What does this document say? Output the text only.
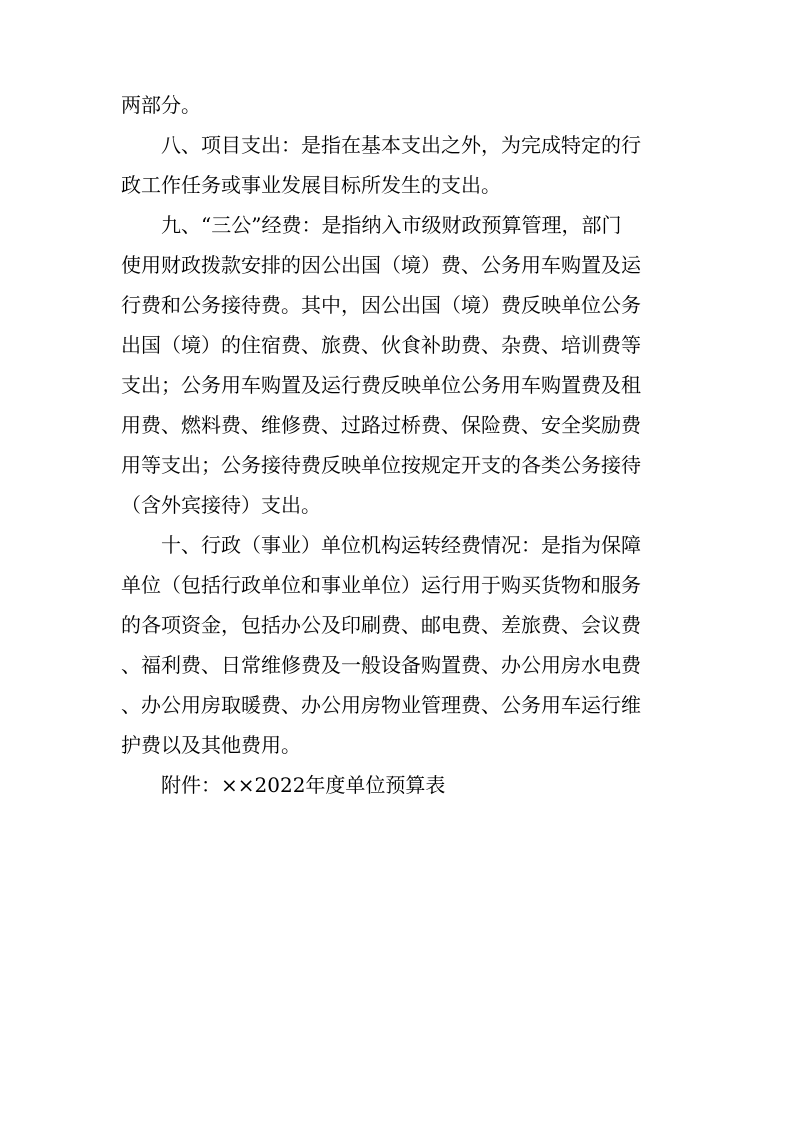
两部分。
八、项目支出：是指在基本支出之外，为完成特定的行
政工作任务或事业发展目标所发生的支出。
九、“三公”经费：是指纳入市级财政预算管理，部门
使用财政拨款安排的因公出国（境）费、公务用车购置及运
行费和公务接待费。其中，因公出国（境）费反映单位公务
出国（境）的住宿费、旅费、伙食补助费、杂费、培训费等
支出；公务用车购置及运行费反映单位公务用车购置费及租
用费、燃料费、维修费、过路过桥费、保险费、安全奖励费
用等支出；公务接待费反映单位按规定开支的各类公务接待
（含外宾接待）支出。
十、行政（事业）单位机构运转经费情况：是指为保障
单位（包括行政单位和事业单位）运行用于购买货物和服务
的各项资金，包括办公及印刷费、邮电费、差旅费、会议费
、福利费、日常维修费及一般设备购置费、办公用房水电费
、办公用房取暖费、办公用房物业管理费、公务用车运行维
护费以及其他费用。
附件：××2022年度单位预算表
